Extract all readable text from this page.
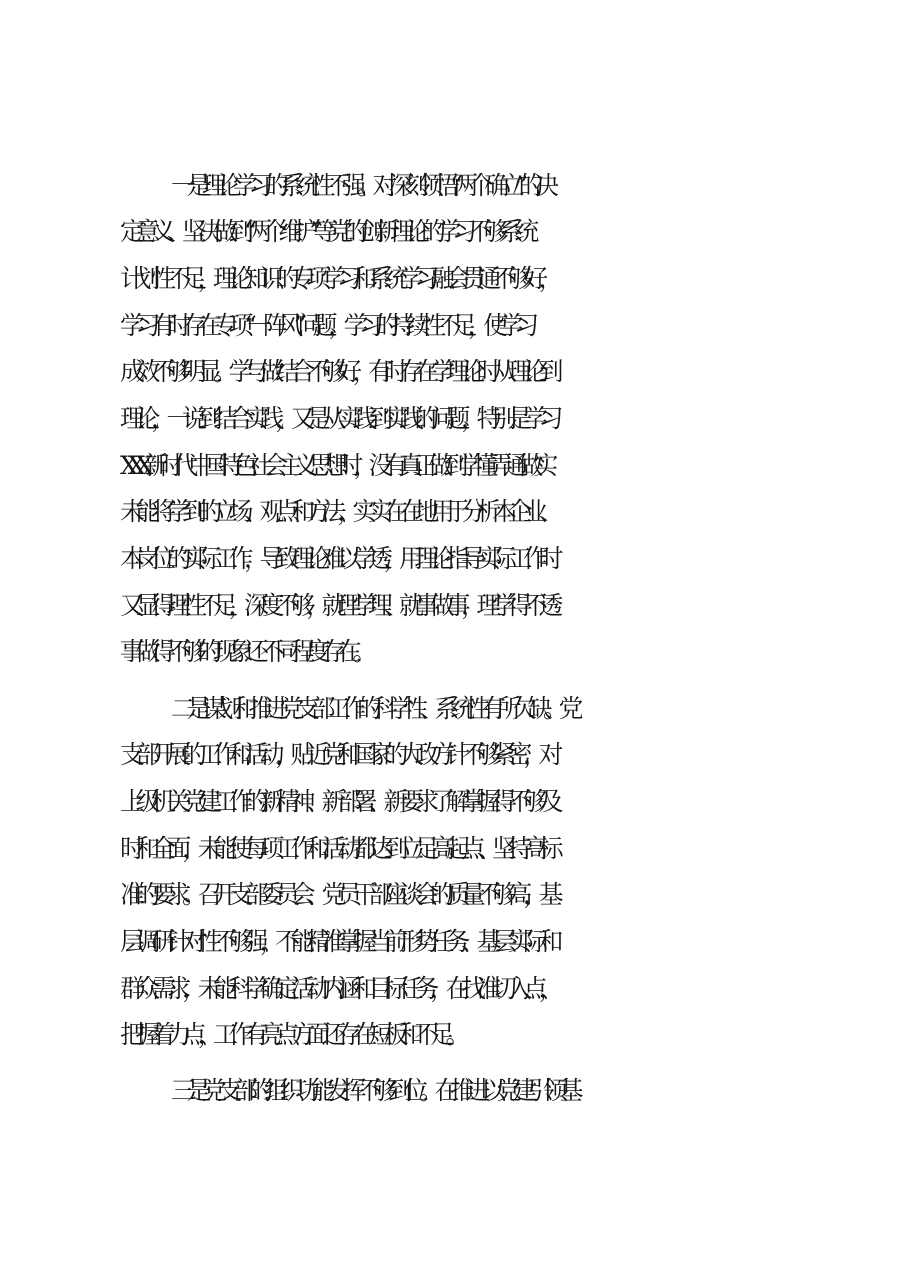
一是理论学习的系统性不强。对深刻领悟“两个确立”的决

定意义、坚决做到“两个维护”等党的创新理论的学习不够系统

计划性不足，理论知识的专项学习和系统学习融会贯通不够好，

学习有时存在专项“一阵风”问题，学习的持续性不足，使学习

成效不够明显。学与做结合不够好，有时存在学理论时从理论到

理论，一说到结合实践，又是从实践到实践的问题，特别是学习

XXX新时代中国特色社会主义思想时，没有真正做到学懂弄通做实

未能将学到的立场、观点和方法，实实在在地用于分析本企业、

本岗位的实际工作，导致理论难以学透，用理论指导实际工作时

又显得理性不足，深度不够，就理学理、就事做事，理学得不透

事做得不够的现象还不同程度存在。

二是谋划和推进党支部工作的科学性、系统性有所欠缺。党

支部开展的工作和活动，贴近党和国家的大政方针不够紧密，对

上级机关党建工作的新精神、新部署、新要求了解掌握得不够及

时和全面，未能使每项工作和活动都达到立足高起点、坚持高标

准的要求。召开支部委员会、党员干部座谈会的质量不够高，基

层调研针对性不够强，不能精准掌握当前形势任务、基层实际和

群众需求，未能科学确定活动内涵和目标任务，在找准切入点，

把握着力点，工作有亮点方面还存在短板和不足。

三是党支部的组织功能发挥不够到位。在推进以党建引领基
